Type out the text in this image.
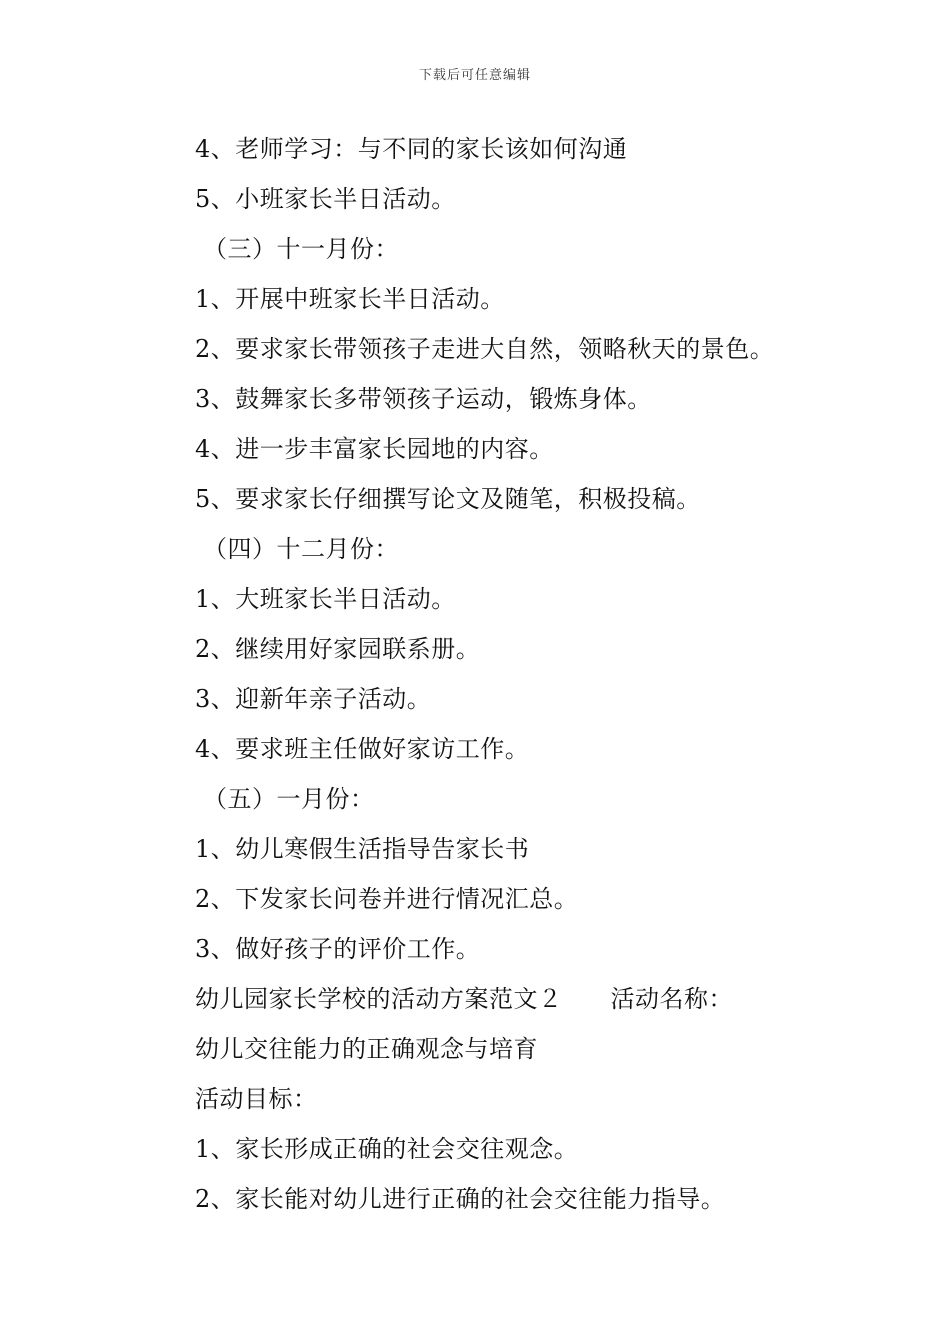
下载后可任意编辑
4、老师学习：与不同的家长该如何沟通
5、小班家长半日活动。
（三）十一月份：
1、开展中班家长半日活动。
2、要求家长带领孩子走进大自然，领略秋天的景色。
3、鼓舞家长多带领孩子运动，锻炼身体。
4、进一步丰富家长园地的内容。
5、要求家长仔细撰写论文及随笔，积极投稿。
（四）十二月份：
1、大班家长半日活动。
2、继续用好家园联系册。
3、迎新年亲子活动。
4、要求班主任做好家访工作。
（五）一月份：
1、幼儿寒假生活指导告家长书
2、下发家长问卷并进行情况汇总。
3、做好孩子的评价工作。
幼儿园家长学校的活动方案范文２ 活动名称：
幼儿交往能力的正确观念与培育
活动目标：
1、家长形成正确的社会交往观念。
2、家长能对幼儿进行正确的社会交往能力指导。
